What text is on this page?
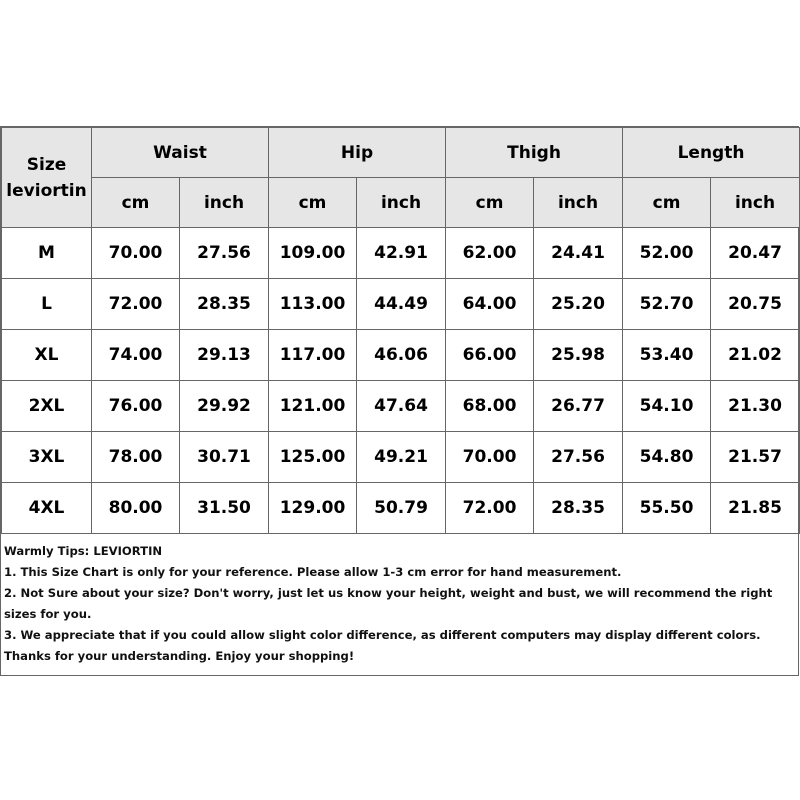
Size
leviortin	Waist		Hip		Thigh		Length	
	cm	inch	cm	inch	cm	inch	cm	inch
M	70.00	27.56	109.00	42.91	62.00	24.41	52.00	20.47
L	72.00	28.35	113.00	44.49	64.00	25.20	52.70	20.75
XL	74.00	29.13	117.00	46.06	66.00	25.98	53.40	21.02
2XL	76.00	29.92	121.00	47.64	68.00	26.77	54.10	21.30
3XL	78.00	30.71	125.00	49.21	70.00	27.56	54.80	21.57
4XL	80.00	31.50	129.00	50.79	72.00	28.35	55.50	21.85
Warmly Tips: LEVIORTIN
1. This Size Chart is only for your reference. Please allow 1-3 cm error for hand measurement.
2. Not Sure about your size? Don't worry, just let us know your height, weight and bust, we will recommend the right sizes for you.
3. We appreciate that if you could allow slight color difference, as different computers may display different colors.
Thanks for your understanding. Enjoy your shopping!
